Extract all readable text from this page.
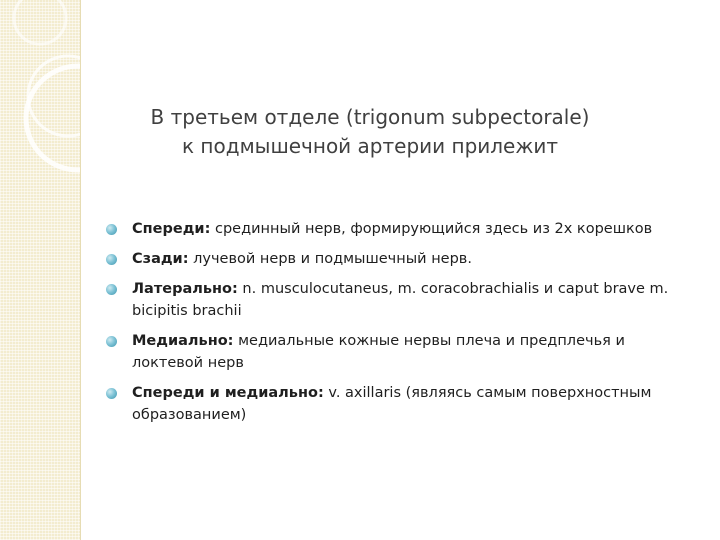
В третьем отделе (trigonum subpectorale)
к подмышечной артерии прилежит
Спереди: срединный нерв, формирующийся здесь из 2х корешков
Сзади: лучевой нерв и подмышечный нерв.
Латерально: n. musculocutaneus, m. coracobrachialis и caput brave m. bicipitis brachii
Медиально: медиальные кожные нервы плеча и предплечья и локтевой нерв
Спереди и медиально: v. axillaris (являясь самым поверхностным образованием)
